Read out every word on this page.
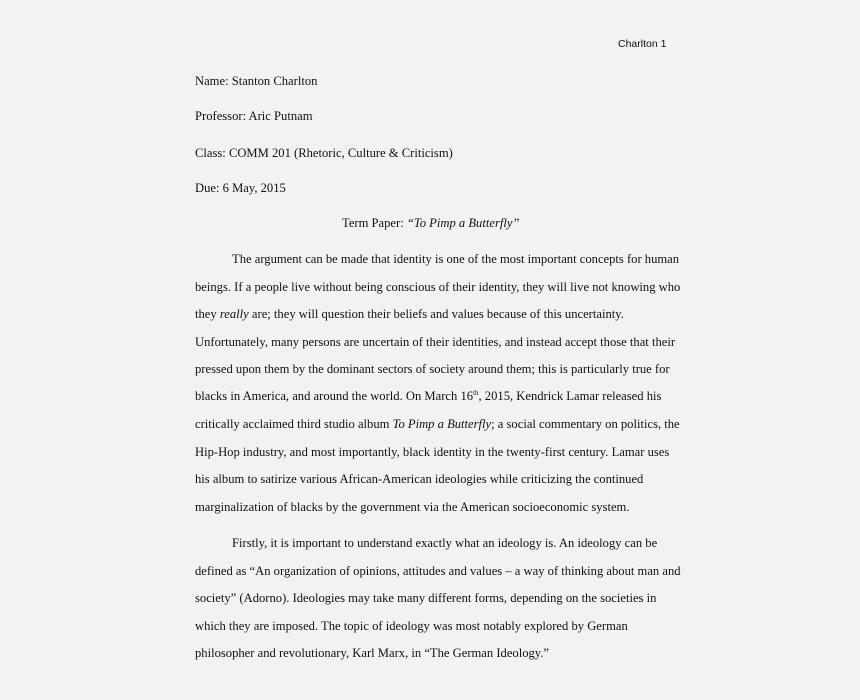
Charlton 1
Name: Stanton Charlton
Professor: Aric Putnam
Class: COMM 201 (Rhetoric, Culture & Criticism)
Due: 6 May, 2015
Term Paper: “To Pimp a Butterfly”
The argument can be made that identity is one of the most important concepts for human
beings. If a people live without being conscious of their identity, they will live not knowing who
they really are; they will question their beliefs and values because of this uncertainty.
Unfortunately, many persons are uncertain of their identities, and instead accept those that their
pressed upon them by the dominant sectors of society around them; this is particularly true for
blacks in America, and around the world. On March 16th, 2015, Kendrick Lamar released his
critically acclaimed third studio album To Pimp a Butterfly; a social commentary on politics, the
Hip-Hop industry, and most importantly, black identity in the twenty-first century. Lamar uses
his album to satirize various African-American ideologies while criticizing the continued
marginalization of blacks by the government via the American socioeconomic system.
Firstly, it is important to understand exactly what an ideology is. An ideology can be
defined as “An organization of opinions, attitudes and values – a way of thinking about man and
society” (Adorno). Ideologies may take many different forms, depending on the societies in
which they are imposed. The topic of ideology was most notably explored by German
philosopher and revolutionary, Karl Marx, in “The German Ideology.”
